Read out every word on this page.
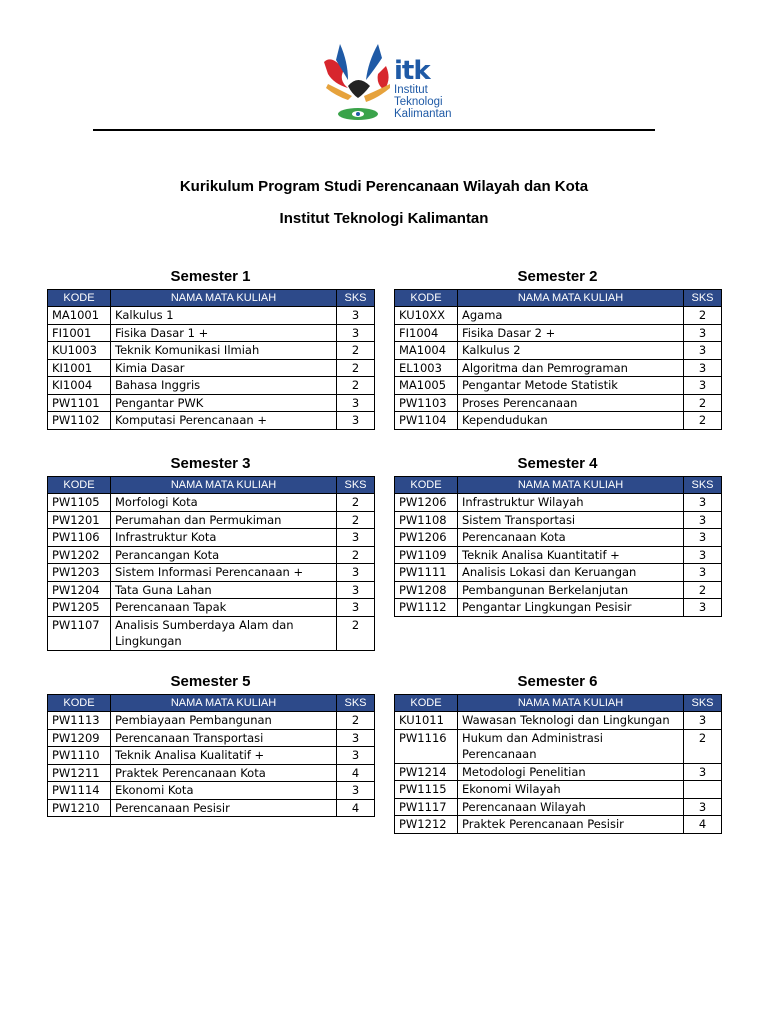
itk
Institut
Teknologi
Kalimantan
Kurikulum Program Studi Perencanaan Wilayah dan Kota
Institut Teknologi Kalimantan
Semester 1
KODE	NAMA MATA KULIAH	SKS
MA1001	Kalkulus 1	3
FI1001	Fisika Dasar 1 +	3
KU1003	Teknik Komunikasi Ilmiah	2
KI1001	Kimia Dasar	2
KI1004	Bahasa Inggris	2
PW1101	Pengantar PWK	3
PW1102	Komputasi Perencanaan +	3
Semester 2
KODE	NAMA MATA KULIAH	SKS
KU10XX	Agama	2
FI1004	Fisika Dasar 2 +	3
MA1004	Kalkulus 2	3
EL1003	Algoritma dan Pemrograman	3
MA1005	Pengantar Metode Statistik	3
PW1103	Proses Perencanaan	2
PW1104	Kependudukan	2
Semester 3
KODE	NAMA MATA KULIAH	SKS
PW1105	Morfologi Kota	2
PW1201	Perumahan dan Permukiman	2
PW1106	Infrastruktur Kota	3
PW1202	Perancangan Kota	2
PW1203	Sistem Informasi Perencanaan +	3
PW1204	Tata Guna Lahan	3
PW1205	Perencanaan Tapak	3
PW1107	Analisis Sumberdaya Alam dan Lingkungan	2
Semester 4
KODE	NAMA MATA KULIAH	SKS
PW1206	Infrastruktur Wilayah	3
PW1108	Sistem Transportasi	3
PW1206	Perencanaan Kota	3
PW1109	Teknik Analisa Kuantitatif +	3
PW1111	Analisis Lokasi dan Keruangan	3
PW1208	Pembangunan Berkelanjutan	2
PW1112	Pengantar Lingkungan Pesisir	3
Semester 5
KODE	NAMA MATA KULIAH	SKS
PW1113	Pembiayaan Pembangunan	2
PW1209	Perencanaan Transportasi	3
PW1110	Teknik Analisa Kualitatif +	3
PW1211	Praktek Perencanaan Kota	4
PW1114	Ekonomi Kota	3
PW1210	Perencanaan Pesisir	4
Semester 6
KODE	NAMA MATA KULIAH	SKS
KU1011	Wawasan Teknologi dan Lingkungan	3
PW1116	Hukum dan Administrasi Perencanaan	2
PW1214	Metodologi Penelitian	3
PW1115	Ekonomi Wilayah	
PW1117	Perencanaan Wilayah	3
PW1212	Praktek Perencanaan Pesisir	4
